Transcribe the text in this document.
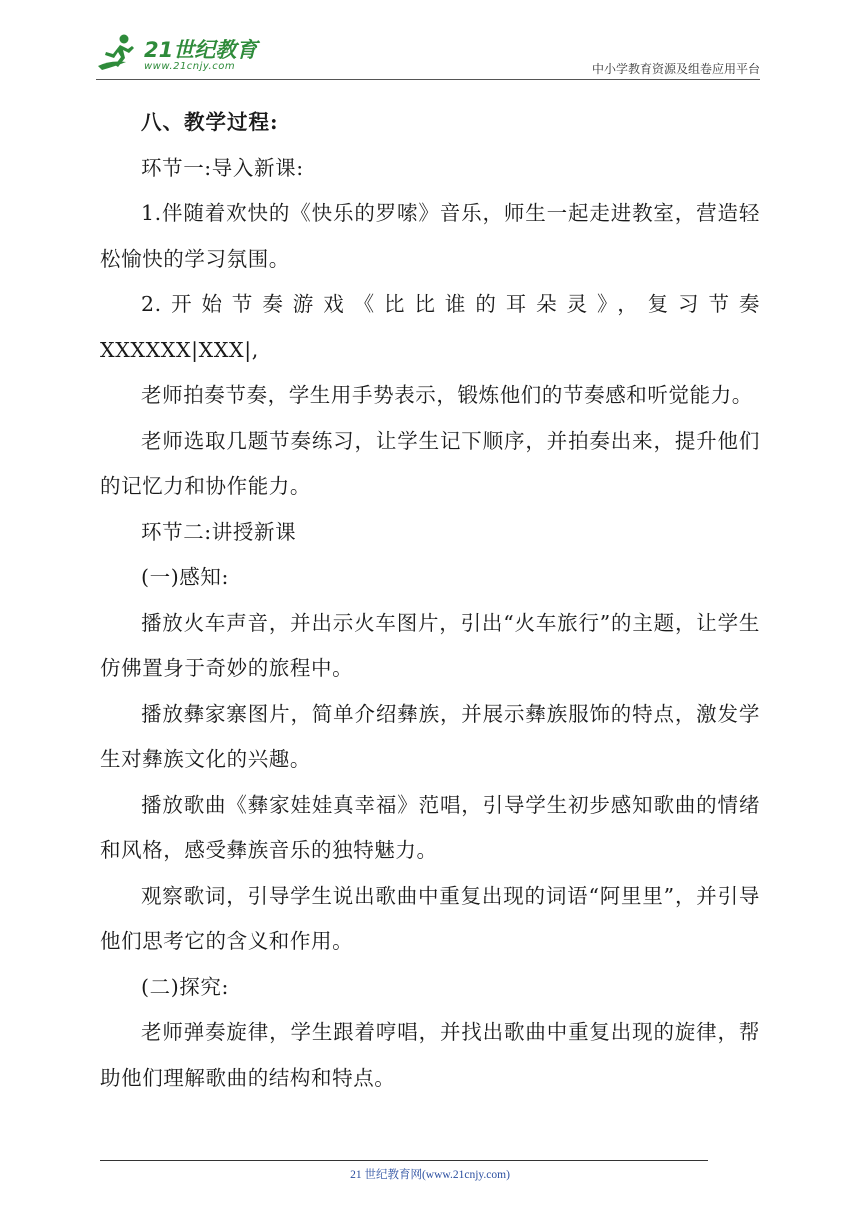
21世纪教育
www.21cnjy.com	中小学教育资源及组卷应用平台

八、教学过程:

环节一:导入新课:

1.伴随着欢快的《快乐的罗嗦》音乐，师生一起走进教室，营造轻松愉快的学习氛围。

2.开始节奏游戏《比比谁的耳朵灵》，复习节奏

XXXXXX|XXX|,

老师拍奏节奏，学生用手势表示，锻炼他们的节奏感和听觉能力。

老师选取几题节奏练习，让学生记下顺序，并拍奏出来，提升他们的记忆力和协作能力。

环节二:讲授新课

(一)感知:

播放火车声音，并出示火车图片，引出“火车旅行”的主题，让学生仿佛置身于奇妙的旅程中。

播放彝家寨图片，简单介绍彝族，并展示彝族服饰的特点，激发学生对彝族文化的兴趣。

播放歌曲《彝家娃娃真幸福》范唱，引导学生初步感知歌曲的情绪和风格，感受彝族音乐的独特魅力。

观察歌词，引导学生说出歌曲中重复出现的词语“阿里里”，并引导他们思考它的含义和作用。

(二)探究:

老师弹奏旋律，学生跟着哼唱，并找出歌曲中重复出现的旋律，帮助他们理解歌曲的结构和特点。

21 世纪教育网(www.21cnjy.com)
